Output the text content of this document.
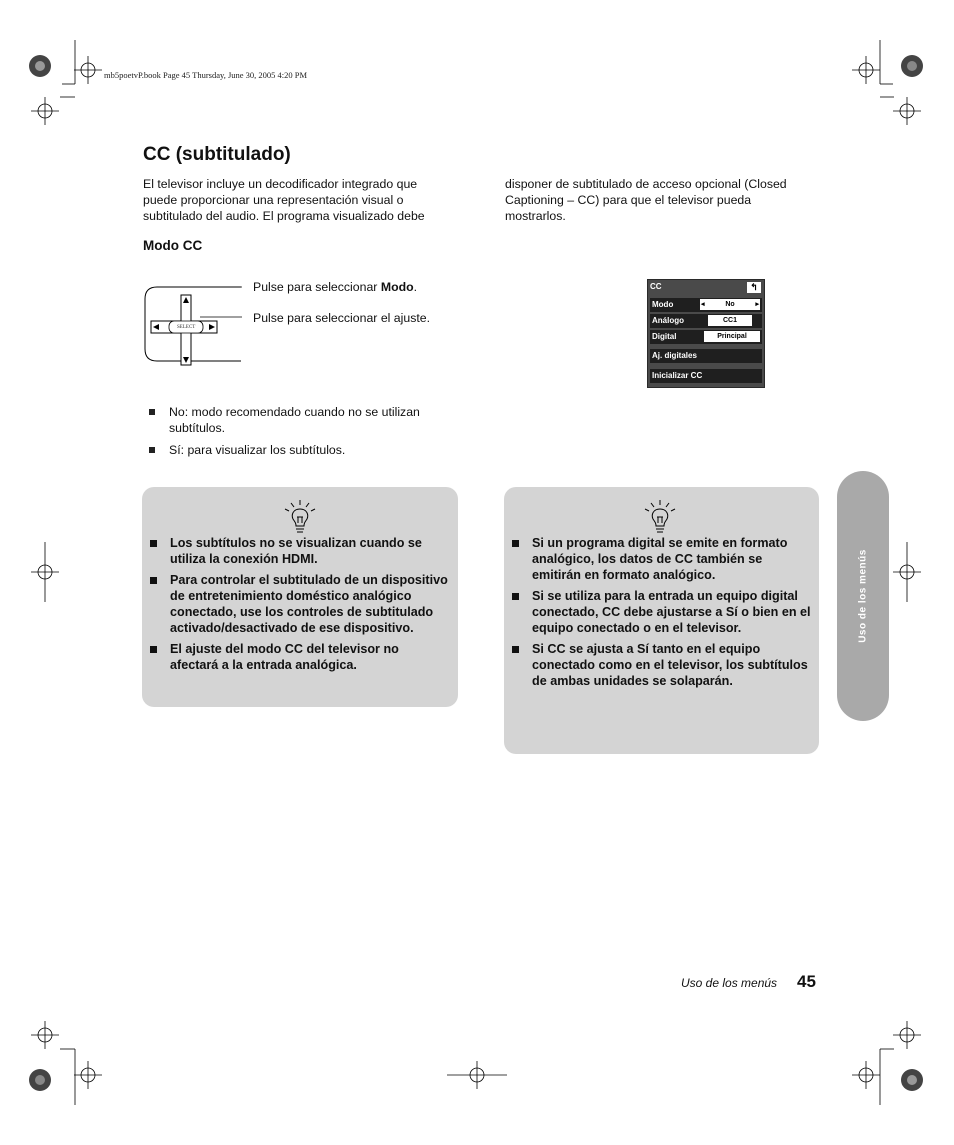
mb5poetvP.book Page 45 Thursday, June 30, 2005 4:20 PM
CC (subtitulado)

El televisor incluye un decodificador integrado que puede proporcionar una representación visual o subtitulado del audio. El programa visualizado debe

disponer de subtitulado de acceso opcional (Closed Captioning – CC) para que el televisor pueda mostrarlos.

Modo CC
SELECT
Pulse para seleccionar Modo.
Pulse para seleccionar el ajuste.
CC	↰
Modo	◂	No	▸
Análogo	CC1
Digital	Principal
Aj. digitales
Inicializar CC
No: modo recomendado cuando no se utilizan subtítulos.
Sí: para visualizar los subtítulos.
Los subtítulos no se visualizan cuando se utiliza la conexión HDMI.
Para controlar el subtitulado de un dispositivo de entretenimiento doméstico analógico conectado, use los controles de subtitulado activado/desactivado de ese dispositivo.
El ajuste del modo CC del televisor no afectará a la entrada analógica.
Si un programa digital se emite en formato analógico, los datos de CC también se emitirán en formato analógico.
Si se utiliza para la entrada un equipo digital conectado, CC debe ajustarse a Sí o bien en el equipo conectado o en el televisor.
Si CC se ajusta a Sí tanto en el equipo conectado como en el televisor, los subtítulos de ambas unidades se solaparán.
Uso de los menús
Uso de los menús 45
